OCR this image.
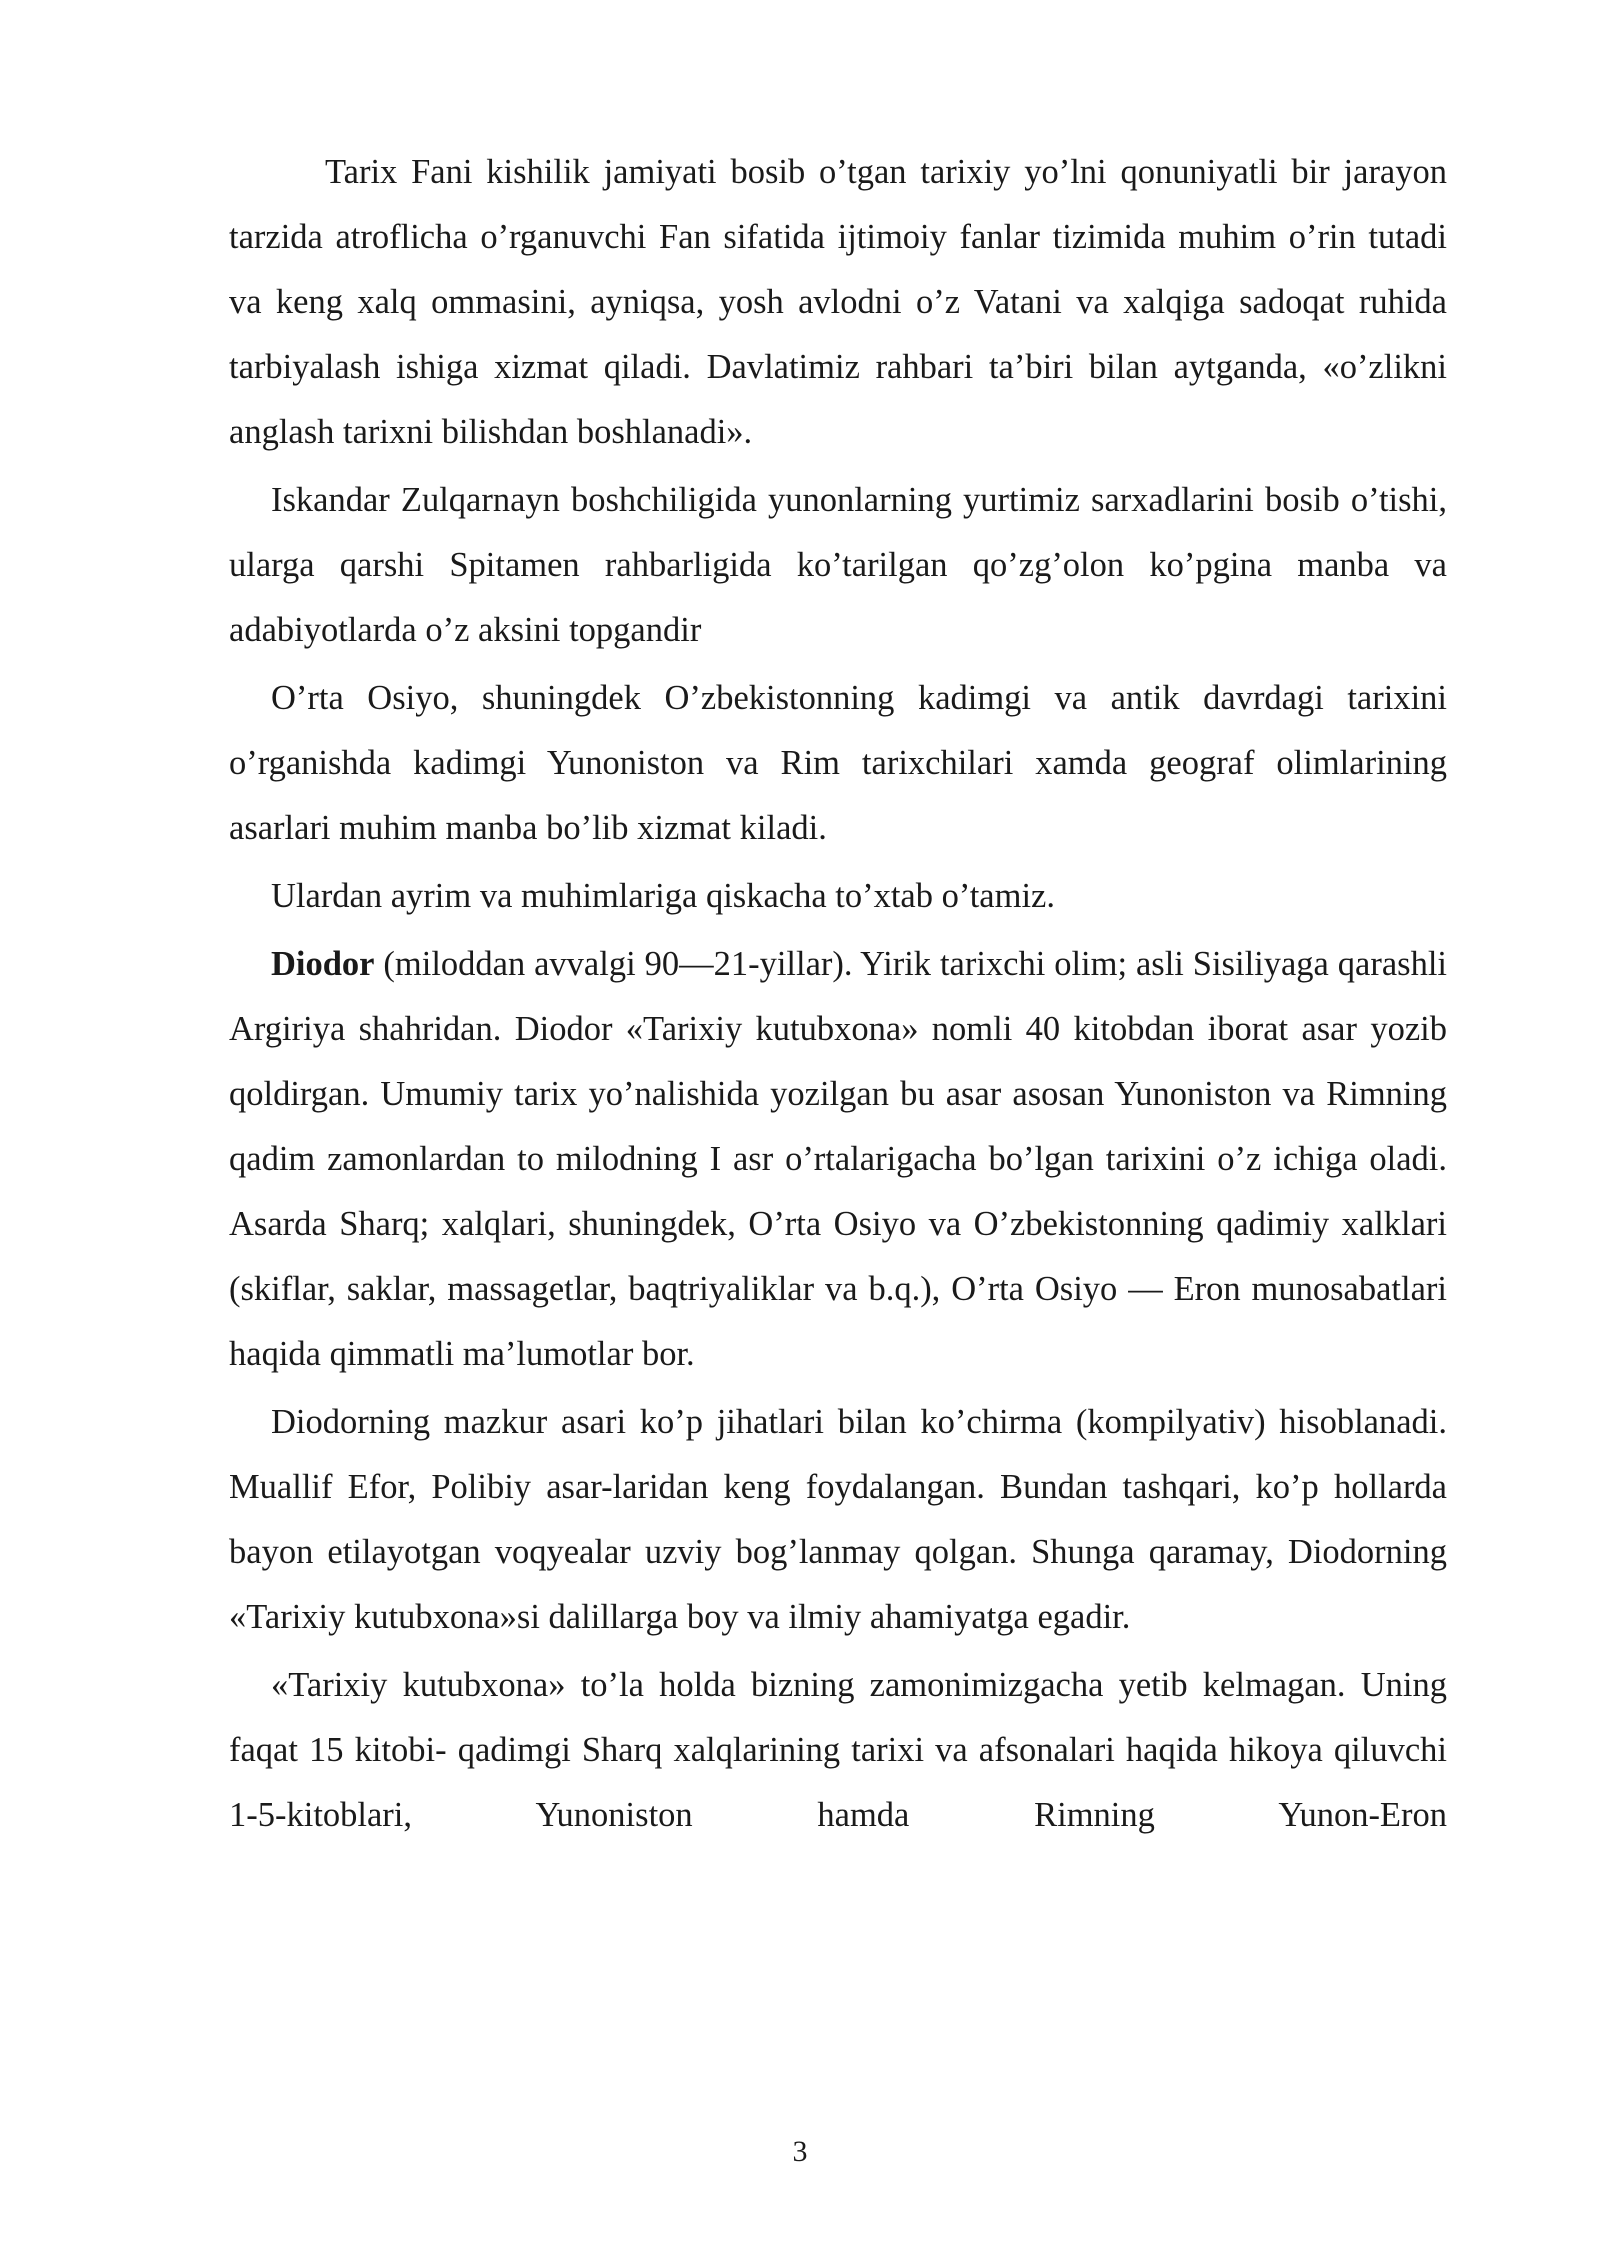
Tarix Fani kishilik jamiyati bosib o’tgan tarixiy yo’lni qonuniyatli bir jarayon tarzida atroflicha o’rganuvchi Fan sifatida ijtimoiy fanlar tizimida muhim o’rin tutadi va keng xalq ommasini, ayniqsa, yosh avlodni o’z Vatani va xalqiga sadoqat ruhida tarbiyalash ishiga xizmat qiladi. Davlatimiz rahbari ta’biri bilan aytganda, «o’zlikni anglash tarixni bilishdan boshlanadi».

Iskandar Zulqarnayn boshchiligida yunonlarning yurtimiz sarxadlarini bosib o’tishi, ularga qarshi Spitamen rahbarligida ko’tarilgan qo’zg’olon ko’pgina manba va adabiyotlarda o’z aksini topgandir

O’rta Osiyo, shuningdek O’zbekistonning kadimgi va antik davrdagi tarixini o’rganishda kadimgi Yunoniston va Rim tarixchilari xamda geograf olimlarining asarlari muhim manba bo’lib xizmat kiladi.

Ulardan ayrim va muhimlariga qiskacha to’xtab o’tamiz.

Diodor (miloddan avvalgi 90—21-yillar). Yirik tarixchi olim; asli Sisiliyaga qarashli Argiriya shahridan. Diodor «Tarixiy kutubxona» nomli 40 kitobdan iborat asar yozib qoldirgan. Umumiy tarix yo’nalishida yozilgan bu asar asosan Yunoniston va Rimning qadim zamonlardan to milodning I asr o’rtalarigacha bo’lgan tarixini o’z ichiga oladi. Asarda Sharq; xalqlari, shuningdek, O’rta Osiyo va O’zbekistonning qadimiy xalklari (skiflar, saklar, massagetlar, baqtriyaliklar va b.q.), O’rta Osiyo — Eron munosabatlari haqida qimmatli ma’lumotlar bor.

Diodorning mazkur asari ko’p jihatlari bilan ko’chirma (kompilyativ) hisoblanadi. Muallif Efor, Polibiy asar-laridan keng foydalangan. Bundan tashqari, ko’p hollarda bayon etilayotgan voqyealar uzviy bog’lanmay qolgan. Shunga qaramay, Diodorning «Tarixiy kutubxona»si dalillarga boy va ilmiy ahamiyatga egadir.

«Tarixiy kutubxona» to’la holda bizning zamonimizgacha yetib kelmagan. Uning faqat 15 kitobi- qadimgi Sharq xalqlarining tarixi va afsonalari haqida hikoya qiluvchi 1-5-kitoblari, Yunoniston hamda Rimning Yunon-Eron

3
